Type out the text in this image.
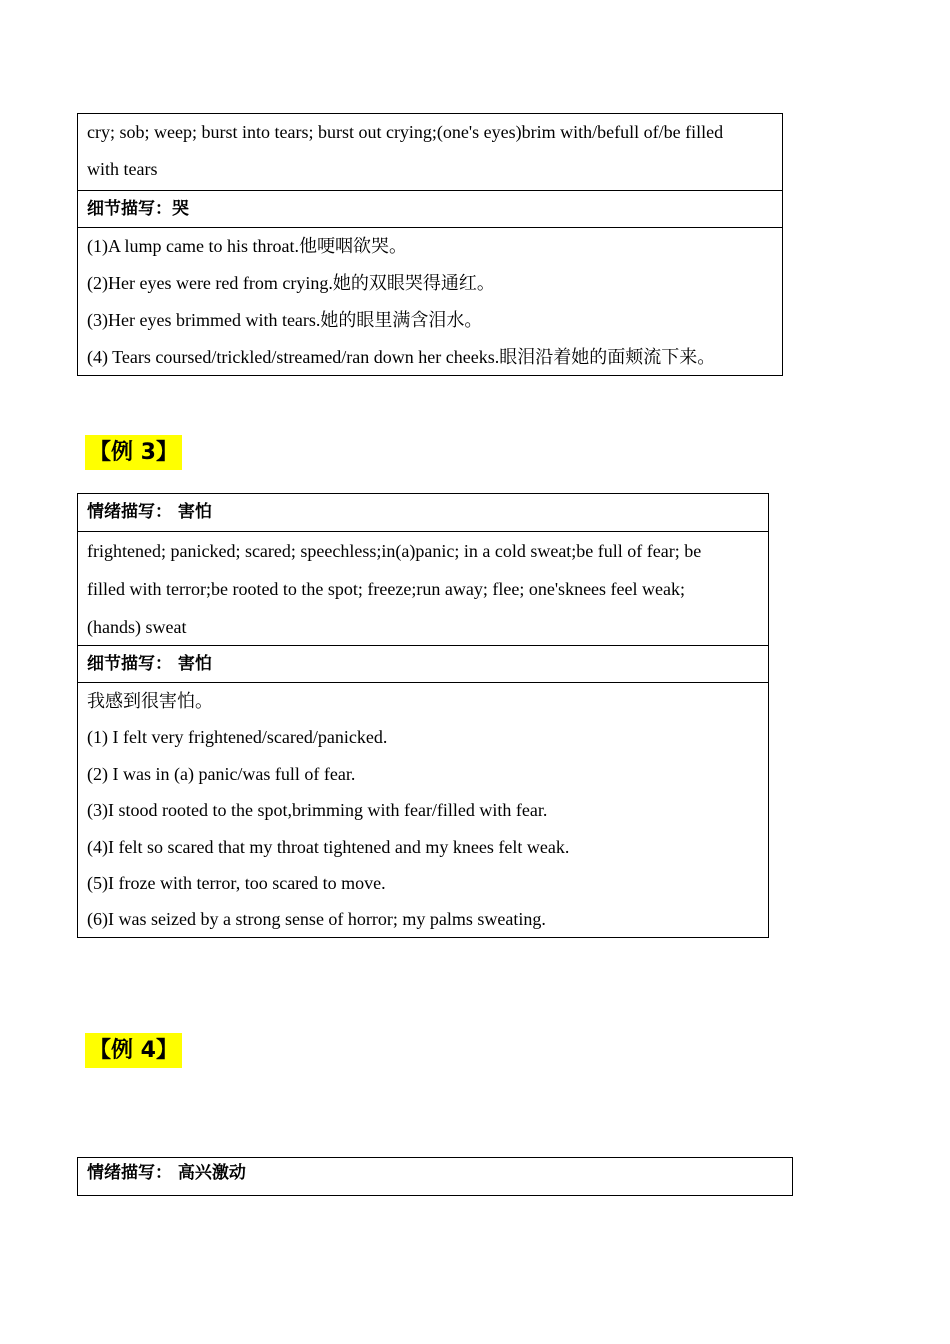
cry; sob; weep; burst into tears; burst out crying;(one's eyes)brim with/befull of/be filled
with tears
细节描写：哭
(1)A lump came to his throat.他哽咽欲哭。
(2)Her eyes were red from crying.她的双眼哭得通红。
(3)Her eyes brimmed with tears.她的眼里满含泪水。
(4) Tears coursed/trickled/streamed/ran down her cheeks.眼泪沿着她的面颊流下来。
【例 3】
情绪描写： 害怕
frightened; panicked; scared; speechless;in(a)panic; in a cold sweat;be full of fear; be
filled with terror;be rooted to the spot; freeze;run away; flee; one'sknees feel weak;
(hands) sweat
细节描写： 害怕
我感到很害怕。
(1) I felt very frightened/scared/panicked.
(2) I was in (a) panic/was full of fear.
(3)I stood rooted to the spot,brimming with fear/filled with fear.
(4)I felt so scared that my throat tightened and my knees felt weak.
(5)I froze with terror, too scared to move.
(6)I was seized by a strong sense of horror; my palms sweating.
【例 4】
情绪描写： 高兴激动
